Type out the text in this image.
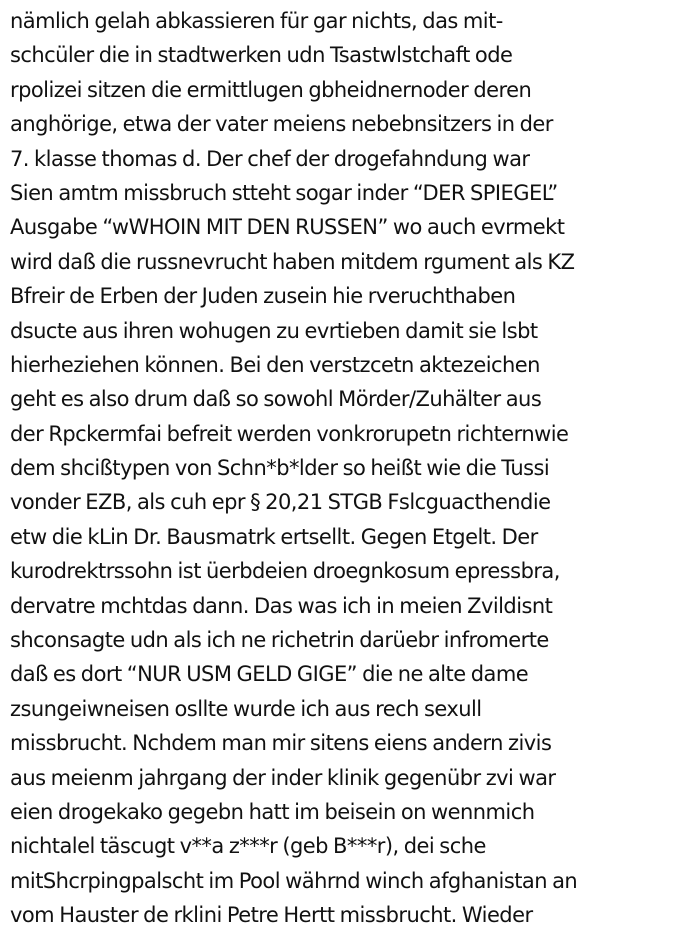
nämlich gelah abkassieren für gar nichts, das mit-
schcüler die in stadtwerken udn Tsastwlstchaft ode
rpolizei sitzen die ermittlugen gbheidnernoder deren
anghörige, etwa der vater meiens nebebnsitzers in der
7. klasse thomas d. Der chef der drogefahndung war
Sien amtm missbruch stteht sogar inder “DER SPIEGEL”
Ausgabe “wWHOIN MIT DEN RUSSEN” wo auch evrmekt
wird daß die russnevrucht haben mitdem rgument als KZ
Bfreir de Erben der Juden zusein hie rveruchthaben
dsucte aus ihren wohugen zu evrtieben damit sie lsbt
hierheziehen können. Bei den verstzcetn aktezeichen
geht es also drum daß so sowohl Mörder/Zuhälter aus
der Rpckermfai befreit werden vonkrorupetn richternwie
dem shcißtypen von Schn*b*lder so heißt wie die Tussi
vonder EZB, als cuh epr § 20,21 STGB Fslcguacthendie
etw die kLin Dr. Bausmatrk ertsellt. Gegen Etgelt. Der
kurodrektrssohn ist üerbdeien droegnkosum epressbra,
dervatre mchtdas dann. Das was ich in meien Zvildisnt
shconsagte udn als ich ne richetrin darüebr infromerte
daß es dort “NUR USM GELD GIGE” die ne alte dame
zsungeiwneisen osllte wurde ich aus rech sexull
missbrucht. Nchdem man mir sitens eiens andern zivis
aus meienm jahrgang der inder klinik gegenübr zvi war
eien drogekako gegebn hatt im beisein on wennmich
nichtalel täscugt v**a z***r (geb B***r), dei sche
mitShcrpingpalscht im Pool währnd winch afghanistan an
vom Hauster de rklini Petre Hertt missbrucht. Wieder
